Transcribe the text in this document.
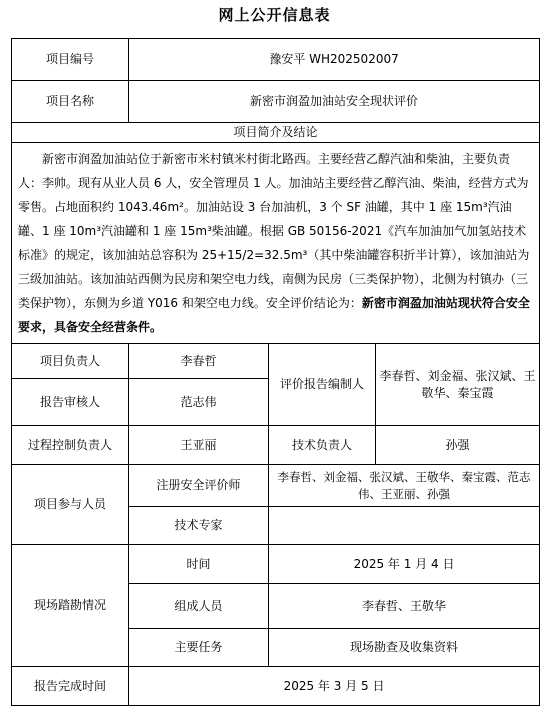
网上公开信息表
项目编号	豫安平 WH202502007		
项目名称	新密市润盈加油站安全现状评价		
项目简介及结论			
新密市润盈加油站位于新密市米村镇米村街北路西。主要经营乙醇汽油和柴油，主要负责人：李帅。现有从业人员 6 人，安全管理员 1 人。加油站主要经营乙醇汽油、柴油，经营方式为零售。占地面积约 1043.46m²。加油站设 3 台加油机，3 个 SF 油罐，其中 1 座 15m³汽油罐、1 座 10m³汽油罐和 1 座 15m³柴油罐。根据 GB 50156-2021《汽车加油加气加氢站技术标准》的规定，该加油站总容积为 25+15/2=32.5m³（其中柴油罐容积折半计算），该加油站为三级加油站。该加油站西侧为民房和架空电力线，南侧为民房（三类保护物），北侧为村镇办（三类保护物），东侧为乡道 Y016 和架空电力线。安全评价结论为：新密市润盈加油站现状符合安全要求，具备安全经营条件。			
项目负责人	李春哲	评价报告编制人	李春哲、刘金福、张汉斌、王敬华、秦宝霞
报告审核人	范志伟		
过程控制负责人	王亚丽	技术负责人	孙强
项目参与人员	注册安全评价师	李春哲、刘金福、张汉斌、王敬华、秦宝霞、范志伟、王亚丽、孙强	
	技术专家		
现场踏勘情况	时间	2025 年 1 月 4 日	
	组成人员	李春哲、王敬华	
	主要任务	现场勘查及收集资料	
报告完成时间	2025 年 3 月 5 日		
